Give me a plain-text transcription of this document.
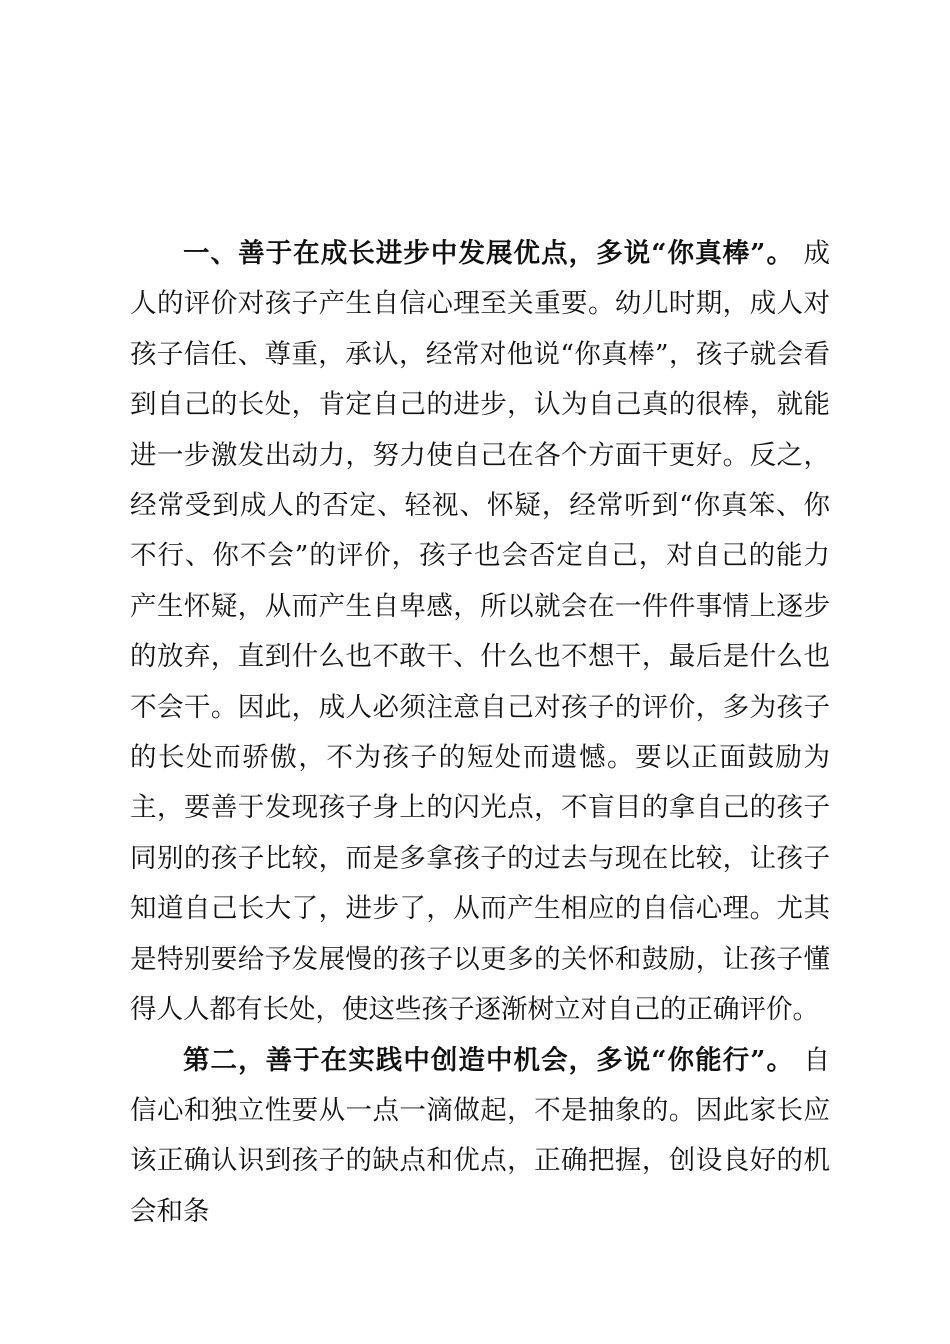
一、善于在成长进步中发展优点，多说“你真棒”。 成人的评价对孩子产生自信心理至关重要。幼儿时期，成人对孩子信任、尊重，承认，经常对他说“你真棒”，孩子就会看到自己的长处，肯定自己的进步，认为自己真的很棒，就能进一步激发出动力，努力使自己在各个方面干更好。反之，经常受到成人的否定、轻视、怀疑，经常听到“你真笨、你不行、你不会”的评价，孩子也会否定自己，对自己的能力产生怀疑，从而产生自卑感，所以就会在一件件事情上逐步的放弃，直到什么也不敢干、什么也不想干，最后是什么也不会干。因此，成人必须注意自己对孩子的评价，多为孩子的长处而骄傲，不为孩子的短处而遗憾。要以正面鼓励为主，要善于发现孩子身上的闪光点，不盲目的拿自己的孩子同别的孩子比较，而是多拿孩子的过去与现在比较，让孩子知道自己长大了，进步了，从而产生相应的自信心理。尤其是特别要给予发展慢的孩子以更多的关怀和鼓励，让孩子懂得人人都有长处，使这些孩子逐渐树立对自己的正确评价。

第二，善于在实践中创造中机会，多说“你能行”。 自信心和独立性要从一点一滴做起，不是抽象的。因此家长应该正确认识到孩子的缺点和优点，正确把握，创设良好的机会和条
